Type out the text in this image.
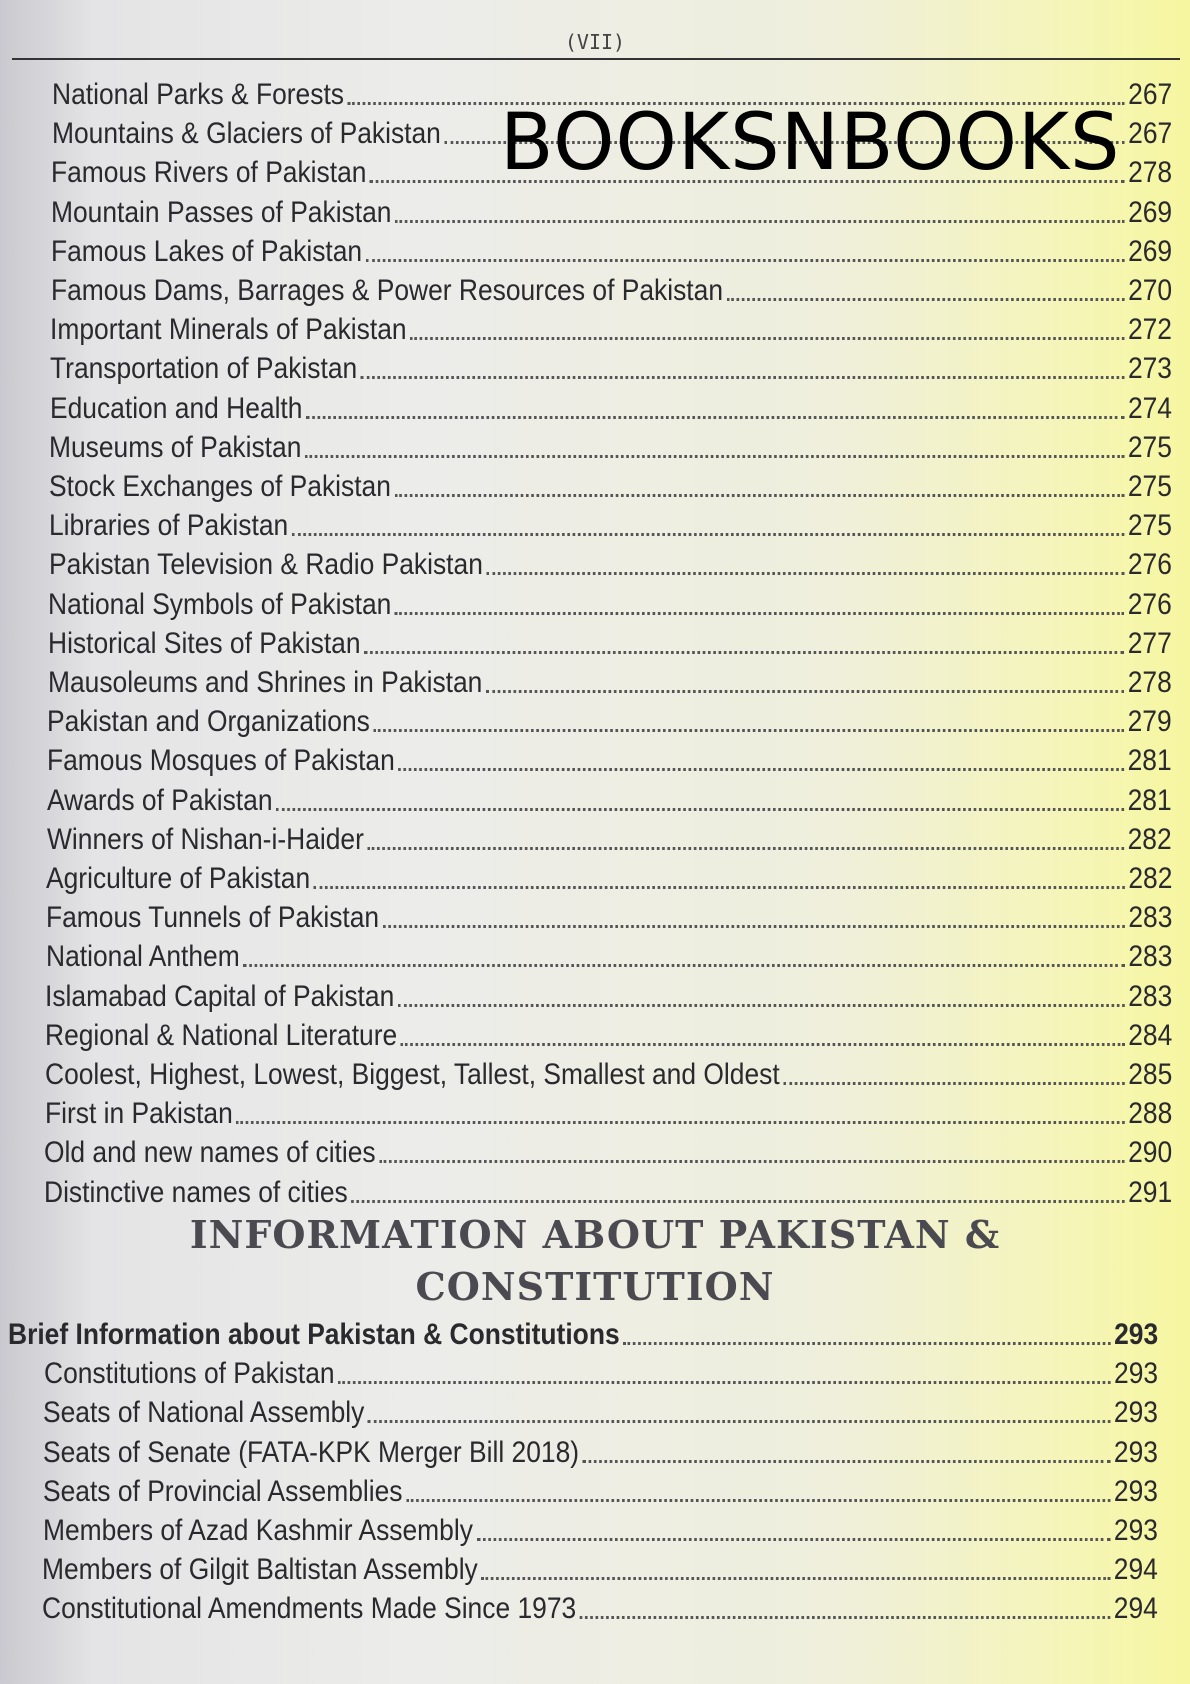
(VII)
National Parks & Forests	267
Mountains & Glaciers of Pakistan	267
Famous Rivers of Pakistan	278
Mountain Passes of Pakistan	269
Famous Lakes of Pakistan	269
Famous Dams, Barrages & Power Resources of Pakistan	270
Important Minerals of Pakistan	272
Transportation of Pakistan	273
Education and Health	274
Museums of Pakistan	275
Stock Exchanges of Pakistan	275
Libraries of Pakistan	275
Pakistan Television & Radio Pakistan	276
National Symbols of Pakistan	276
Historical Sites of Pakistan	277
Mausoleums and Shrines in Pakistan	278
Pakistan and Organizations	279
Famous Mosques of Pakistan	281
Awards of Pakistan	281
Winners of Nishan-i-Haider	282
Agriculture of Pakistan	282
Famous Tunnels of Pakistan	283
National Anthem	283
Islamabad Capital of Pakistan	283
Regional & National Literature	284
Coolest, Highest, Lowest, Biggest, Tallest, Smallest and Oldest	285
First in Pakistan	288
Old and new names of cities	290
Distinctive names of cities	291
Brief Information about Pakistan & Constitutions	293
Constitutions of Pakistan	293
Seats of National Assembly	293
Seats of Senate (FATA-KPK Merger Bill 2018)	293
Seats of Provincial Assemblies	293
Members of Azad Kashmir Assembly	293
Members of Gilgit Baltistan Assembly	294
Constitutional Amendments Made Since 1973	294
INFORMATION ABOUT PAKISTAN &
CONSTITUTION
BOOKSNBOOKS
